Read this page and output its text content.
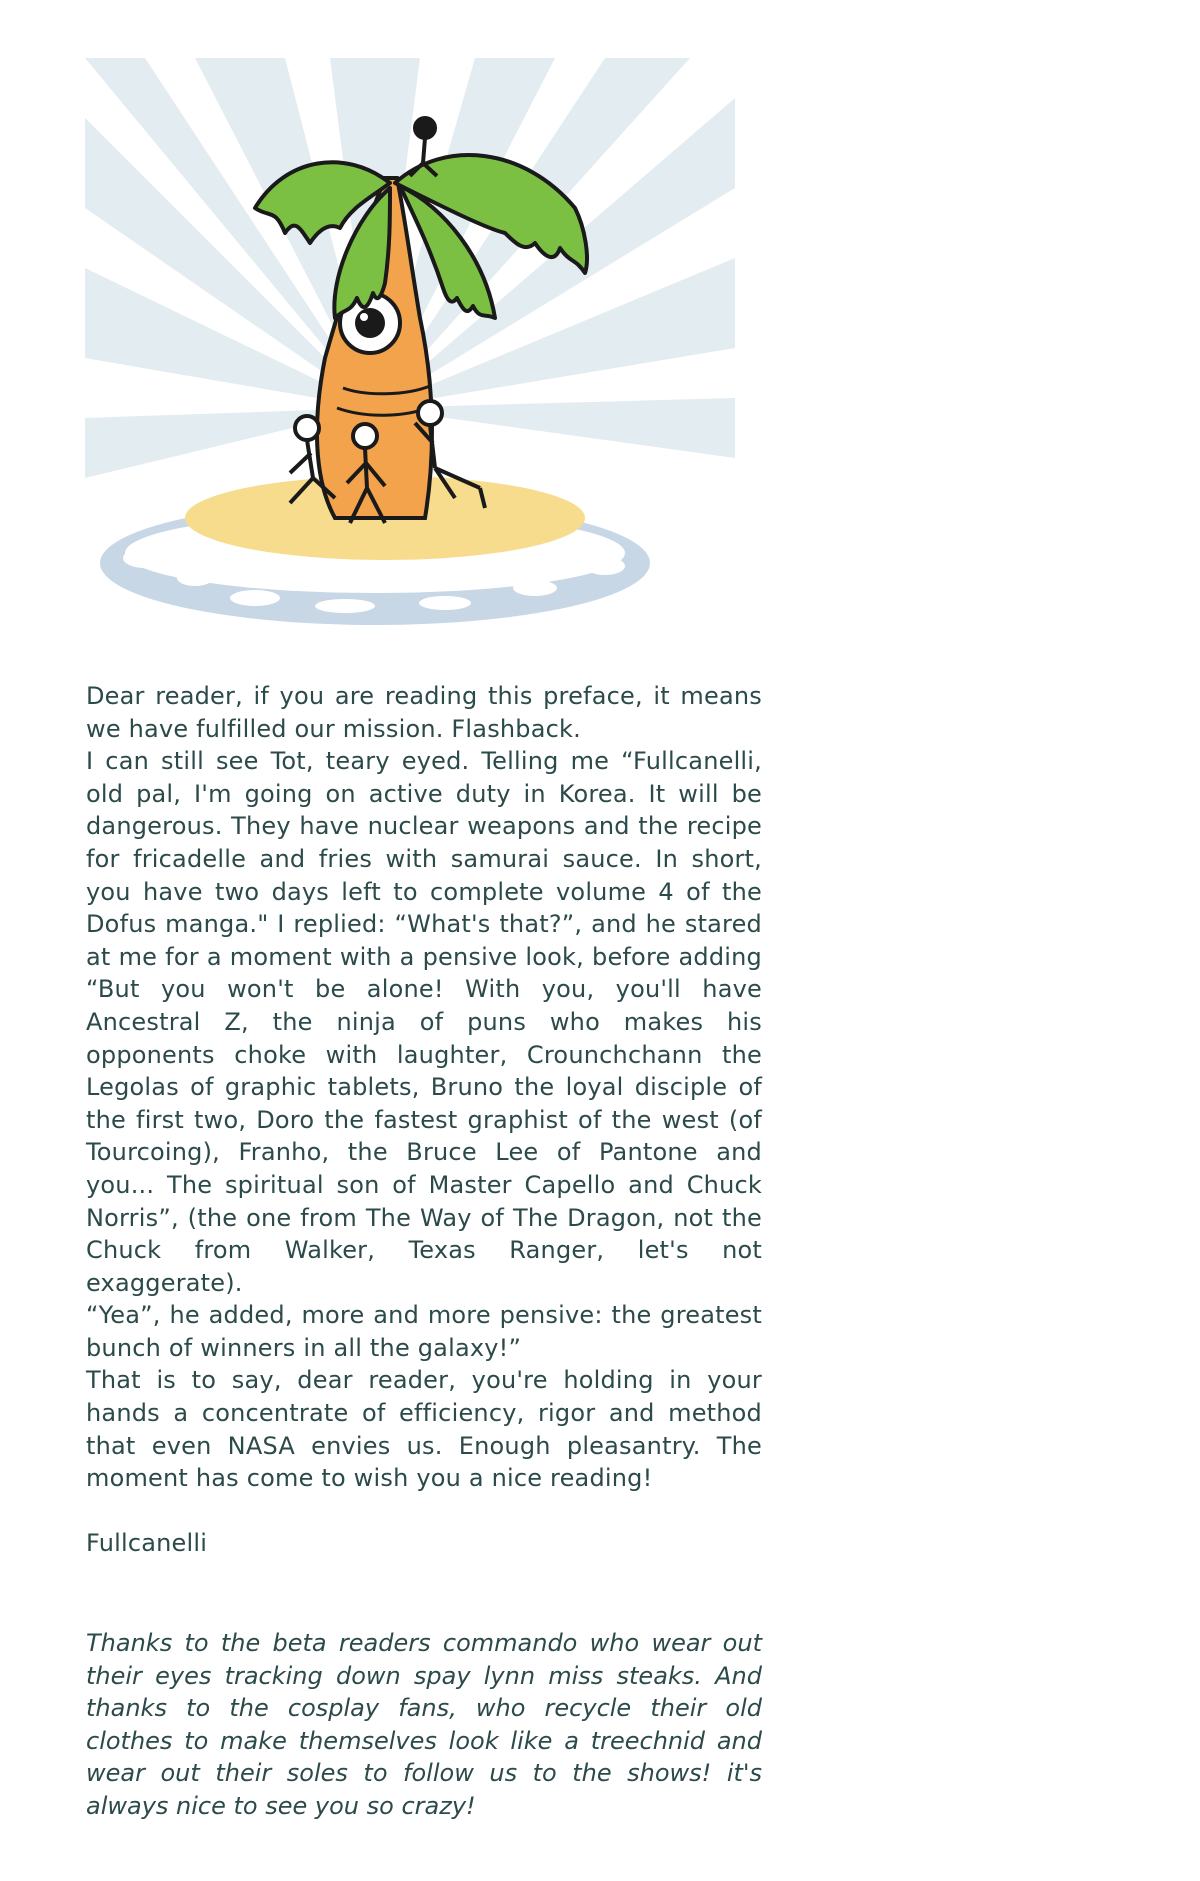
Dear reader, if you are reading this preface, it means we have fulfilled our mission. Flashback.

I can still see Tot, teary eyed. Telling me “Fullcanelli, old pal, I'm going on active duty in Korea. It will be dangerous. They have nuclear weapons and the recipe for fricadelle and fries with samurai sauce. In short, you have two days left to complete volume 4 of the Dofus manga." I replied: “What's that?”, and he stared at me for a moment with a pensive look, before adding “But you won't be alone! With you, you'll have Ancestral Z, the ninja of puns who makes his opponents choke with laughter, Crounchchann the Legolas of graphic tablets, Bruno the loyal disciple of the first two, Doro the fastest graphist of the west (of Tourcoing), Franho, the Bruce Lee of Pantone and you... The spiritual son of Master Capello and Chuck Norris”, (the one from The Way of The Dragon, not the Chuck from Walker, Texas Ranger, let's not exaggerate).

“Yea”, he added, more and more pensive: the greatest bunch of winners in all the galaxy!”

That is to say, dear reader, you're holding in your hands a concentrate of efficiency, rigor and method that even NASA envies us. Enough pleasantry. The moment has come to wish you a nice reading!

Fullcanelli

Thanks to the beta readers commando who wear out their eyes tracking down spay lynn miss steaks. And thanks to the cosplay fans, who recycle their old clothes to make themselves look like a treechnid and wear out their soles to follow us to the shows! it's always nice to see you so crazy!
